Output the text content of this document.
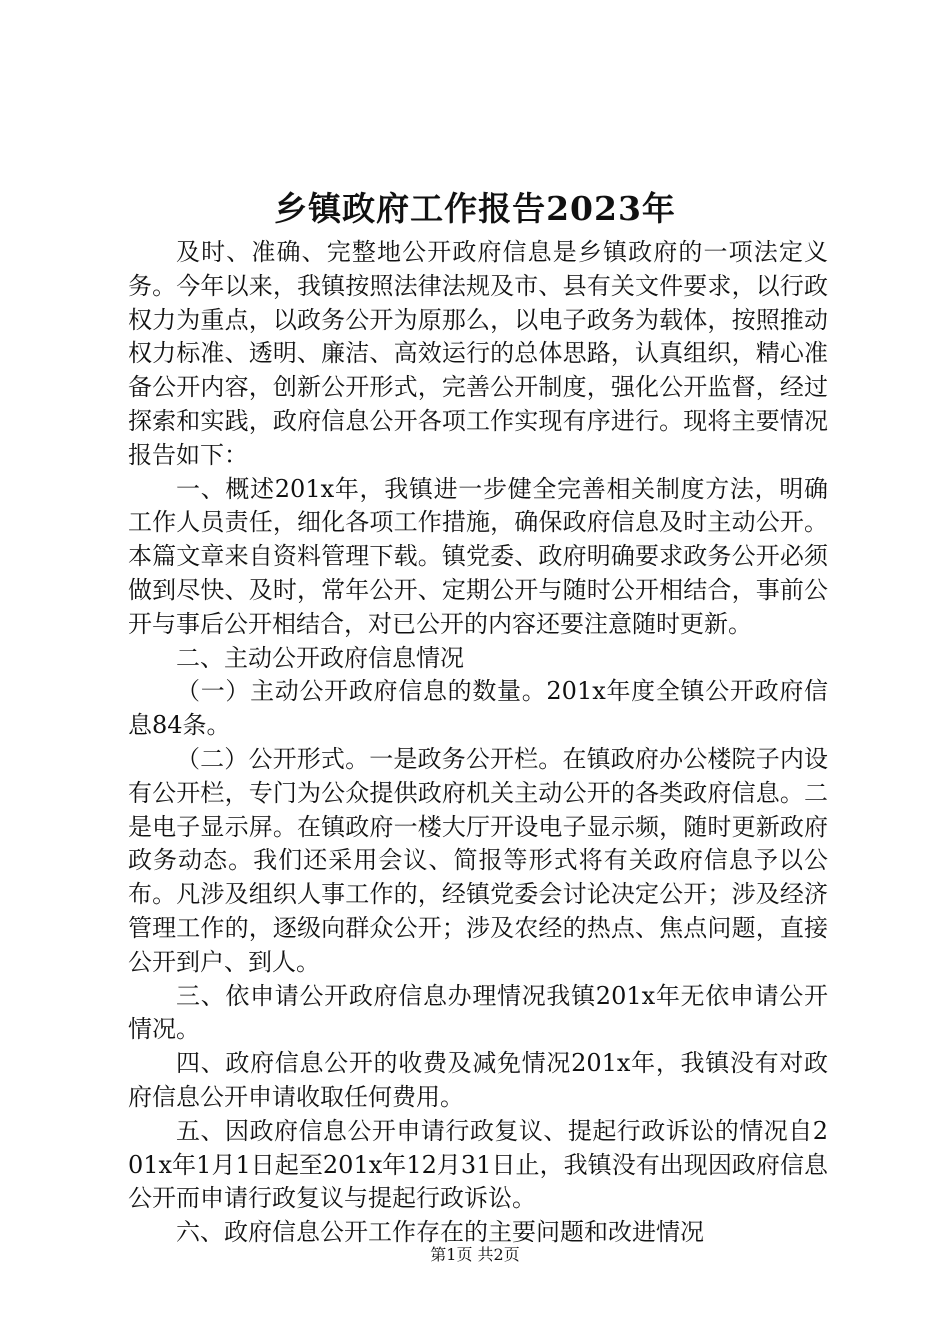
乡镇政府工作报告2023年

及时、准确、完整地公开政府信息是乡镇政府的一项法定义务。今年以来，我镇按照法律法规及市、县有关文件要求，以行政权力为重点，以政务公开为原那么，以电子政务为载体，按照推动权力标准、透明、廉洁、高效运行的总体思路，认真组织，精心准备公开内容，创新公开形式，完善公开制度，强化公开监督，经过探索和实践，政府信息公开各项工作实现有序进行。现将主要情况报告如下：

一、概述201x年，我镇进一步健全完善相关制度方法，明确工作人员责任，细化各项工作措施，确保政府信息及时主动公开。本篇文章来自资料管理下载。镇党委、政府明确要求政务公开必须做到尽快、及时，常年公开、定期公开与随时公开相结合，事前公开与事后公开相结合，对已公开的内容还要注意随时更新。

二、主动公开政府信息情况

（一）主动公开政府信息的数量。201x年度全镇公开政府信息84条。

（二）公开形式。一是政务公开栏。在镇政府办公楼院子内设有公开栏，专门为公众提供政府机关主动公开的各类政府信息。二是电子显示屏。在镇政府一楼大厅开设电子显示频，随时更新政府政务动态。我们还采用会议、简报等形式将有关政府信息予以公布。凡涉及组织人事工作的，经镇党委会讨论决定公开；涉及经济管理工作的，逐级向群众公开；涉及农经的热点、焦点问题，直接公开到户、到人。

三、依申请公开政府信息办理情况我镇201x年无依申请公开情况。

四、政府信息公开的收费及减免情况201x年，我镇没有对政府信息公开申请收取任何费用。

五、因政府信息公开申请行政复议、提起行政诉讼的情况自201x年1月1日起至201x年12月31日止，我镇没有出现因政府信息公开而申请行政复议与提起行政诉讼。

六、政府信息公开工作存在的主要问题和改进情况

第1页 共2页
